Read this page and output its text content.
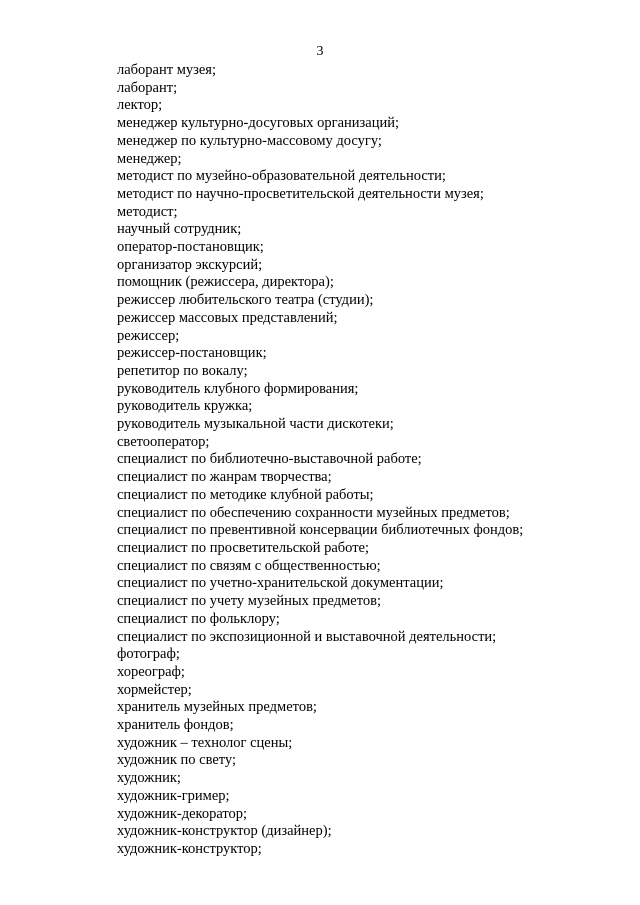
3
лаборант музея;
лаборант;
лектор;
менеджер культурно-досуговых организаций;
менеджер по культурно-массовому досугу;
менеджер;
методист по музейно-образовательной деятельности;
методист по научно-просветительской деятельности музея;
методист;
научный сотрудник;
оператор-постановщик;
организатор экскурсий;
помощник (режиссера, директора);
режиссер любительского театра (студии);
режиссер массовых представлений;
режиссер;
режиссер-постановщик;
репетитор по вокалу;
руководитель клубного формирования;
руководитель кружка;
руководитель музыкальной части дискотеки;
светооператор;
специалист по библиотечно-выставочной работе;
специалист по жанрам творчества;
специалист по методике клубной работы;
специалист по обеспечению сохранности музейных предметов;
специалист по превентивной консервации библиотечных фондов;
специалист по просветительской работе;
специалист по связям с общественностью;
специалист по учетно-хранительской документации;
специалист по учету музейных предметов;
специалист по фольклору;
специалист по экспозиционной и выставочной деятельности;
фотограф;
хореограф;
хормейстер;
хранитель музейных предметов;
хранитель фондов;
художник – технолог сцены;
художник по свету;
художник;
художник-гример;
художник-декоратор;
художник-конструктор (дизайнер);
художник-конструктор;
